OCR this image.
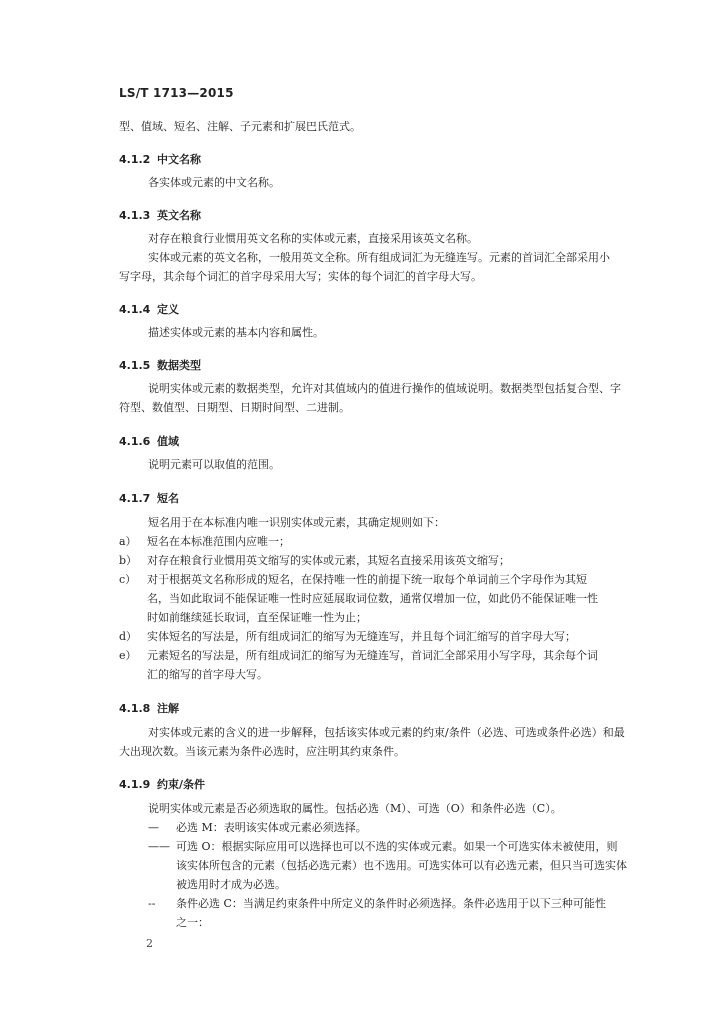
LS/T 1713—2015
型、值域、短名、注解、子元素和扩展巴氏范式。
4.1.2 中文名称
各实体或元素的中文名称。
4.1.3 英文名称
对存在粮食行业惯用英文名称的实体或元素，直接采用该英文名称。
实体或元素的英文名称，一般用英文全称。所有组成词汇为无缝连写。元素的首词汇全部采用小
写字母，其余每个词汇的首字母采用大写；实体的每个词汇的首字母大写。
4.1.4 定义
描述实体或元素的基本内容和属性。
4.1.5 数据类型
说明实体或元素的数据类型，允许对其值域内的值进行操作的值域说明。数据类型包括复合型、字
符型、数值型、日期型、日期时间型、二进制。
4.1.6 值域
说明元素可以取值的范围。
4.1.7 短名
短名用于在本标准内唯一识别实体或元素，其确定规则如下：
a） 短名在本标准范围内应唯一；
b） 对存在粮食行业惯用英文缩写的实体或元素，其短名直接采用该英文缩写；
c） 对于根据英文名称形成的短名，在保持唯一性的前提下统一取每个单词前三个字母作为其短
名，当如此取词不能保证唯一性时应延展取词位数，通常仅增加一位，如此仍不能保证唯一性
时如前继续延长取词，直至保证唯一性为止；
d） 实体短名的写法是，所有组成词汇的缩写为无缝连写，并且每个词汇缩写的首字母大写；
e） 元素短名的写法是，所有组成词汇的缩写为无缝连写，首词汇全部采用小写字母，其余每个词
汇的缩写的首字母大写。
4.1.8 注解
对实体或元素的含义的进一步解释，包括该实体或元素的约束/条件（必选、可选或条件必选）和最
大出现次数。当该元素为条件必选时，应注明其约束条件。
4.1.9 约束/条件
说明实体或元素是否必须选取的属性。包括必选（M）、可选（O）和条件必选（C）。
— 必选 M：表明该实体或元素必须选择。
—— 可选 O：根据实际应用可以选择也可以不选的实体或元素。如果一个可选实体未被使用，则
该实体所包含的元素（包括必选元素）也不选用。可选实体可以有必选元素，但只当可选实体
被选用时才成为必选。
-- 条件必选 C：当满足约束条件中所定义的条件时必须选择。条件必选用于以下三种可能性
之一：
2
